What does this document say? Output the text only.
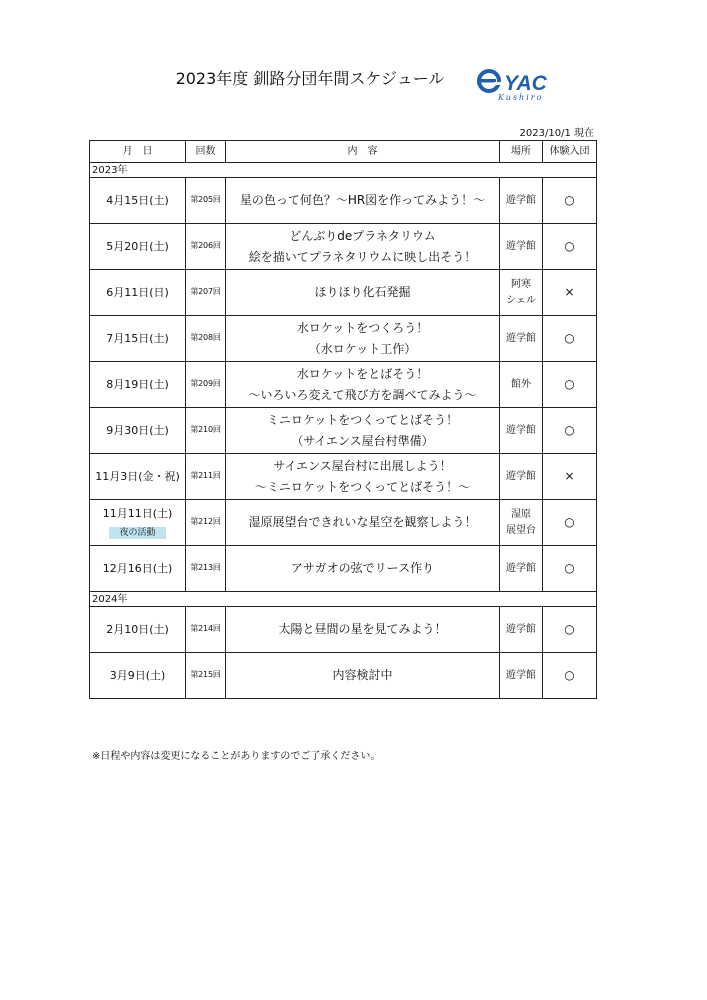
2023年度 釧路分団年間スケジュール	YAC
Kushiro
2023/10/1 現在
月　日	回数	内　容	場所	体験入団
2023年				

4月15日(土)	第205回	星の色って何色？～HR図を作ってみよう！～	遊学館	○

5月20日(土)	第206回	どんぶりdeプラネタリウム
絵を描いてプラネタリウムに映し出そう！	遊学館	○

6月11日(日)	第207回	ほりほり化石発掘	阿寒
シェル	×

7月15日(土)	第208回	水ロケットをつくろう！
（水ロケット工作）	遊学館	○

8月19日(土)	第209回	水ロケットをとばそう！
～いろいろ変えて飛び方を調べてみよう～	館外	○

9月30日(土)	第210回	ミニロケットをつくってとばそう！
（サイエンス屋台村準備）	遊学館	○

11月3日(金・祝)	第211回	サイエンス屋台村に出展しよう！
～ミニロケットをつくってとばそう！～	遊学館	×

11月11日(土)
夜の活動	第212回	湿原展望台できれいな星空を観察しよう！	湿原
展望台	○

12月16日(土)	第213回	アサガオの弦でリース作り	遊学館	○
2024年				

2月10日(土)	第214回	太陽と昼間の星を見てみよう！	遊学館	○

3月9日(土)	第215回	内容検討中	遊学館	○
※日程や内容は変更になることがありますのでご了承ください。
